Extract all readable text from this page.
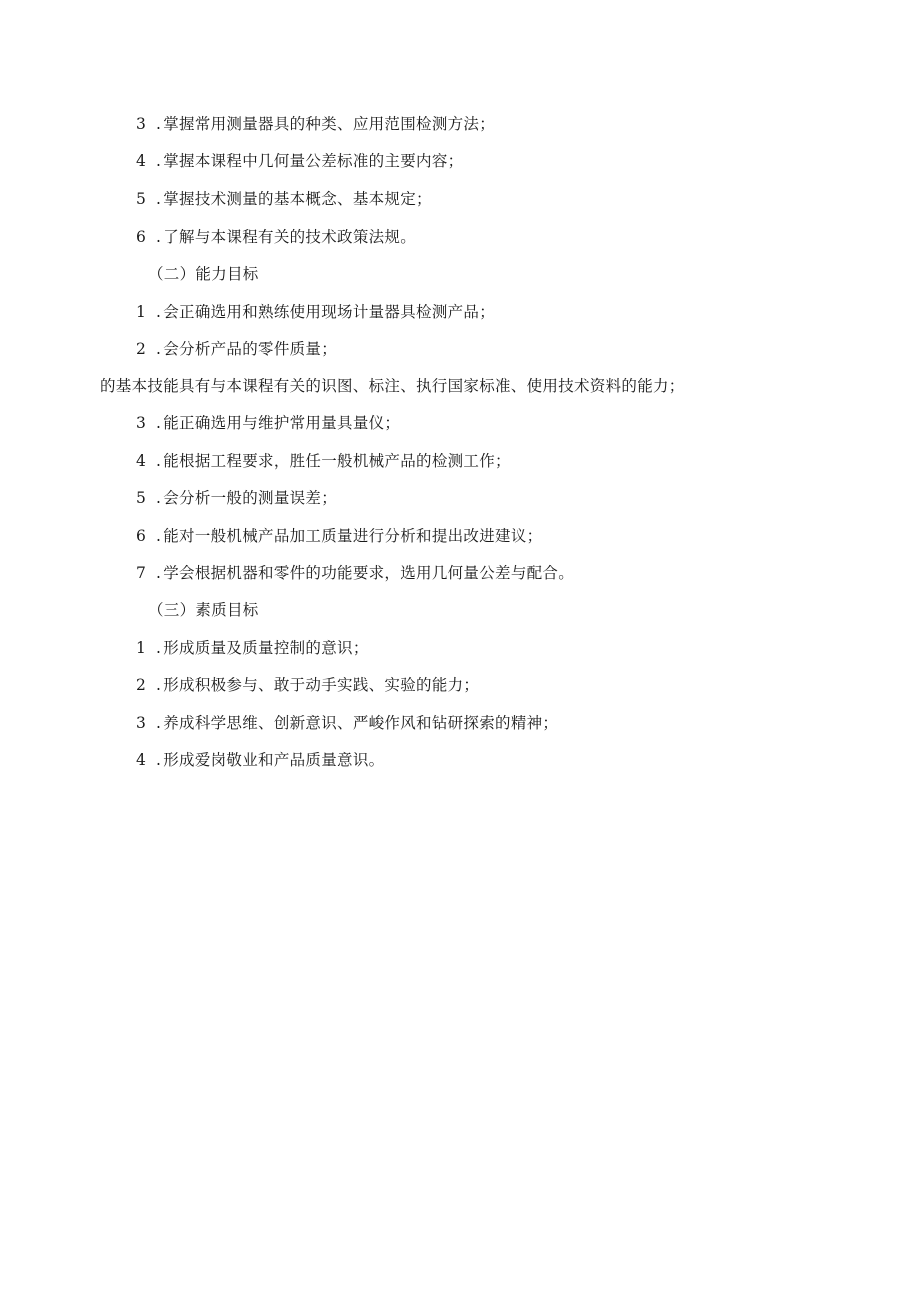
3 . 掌握常用测量器具的种类、应用范围检测方法；
4 . 掌握本课程中几何量公差标准的主要内容；
5 . 掌握技术测量的基本概念、基本规定；
6 . 了解与本课程有关的技术政策法规。
（二）能力目标
1 . 会正确选用和熟练使用现场计量器具检测产品；
2 . 会分析产品的零件质量；
的基本技能具有与本课程有关的识图、标注、执行国家标准、使用技术资料的能力；
3 . 能正确选用与维护常用量具量仪；
4 . 能根据工程要求，胜任一般机械产品的检测工作；
5 . 会分析一般的测量误差；
6 . 能对一般机械产品加工质量进行分析和提出改进建议；
7 . 学会根据机器和零件的功能要求，选用几何量公差与配合。
（三）素质目标
1 . 形成质量及质量控制的意识；
2 . 形成积极参与、敢于动手实践、实验的能力；
3 . 养成科学思维、创新意识、严峻作风和钻研探索的精神；
4 . 形成爱岗敬业和产品质量意识。
